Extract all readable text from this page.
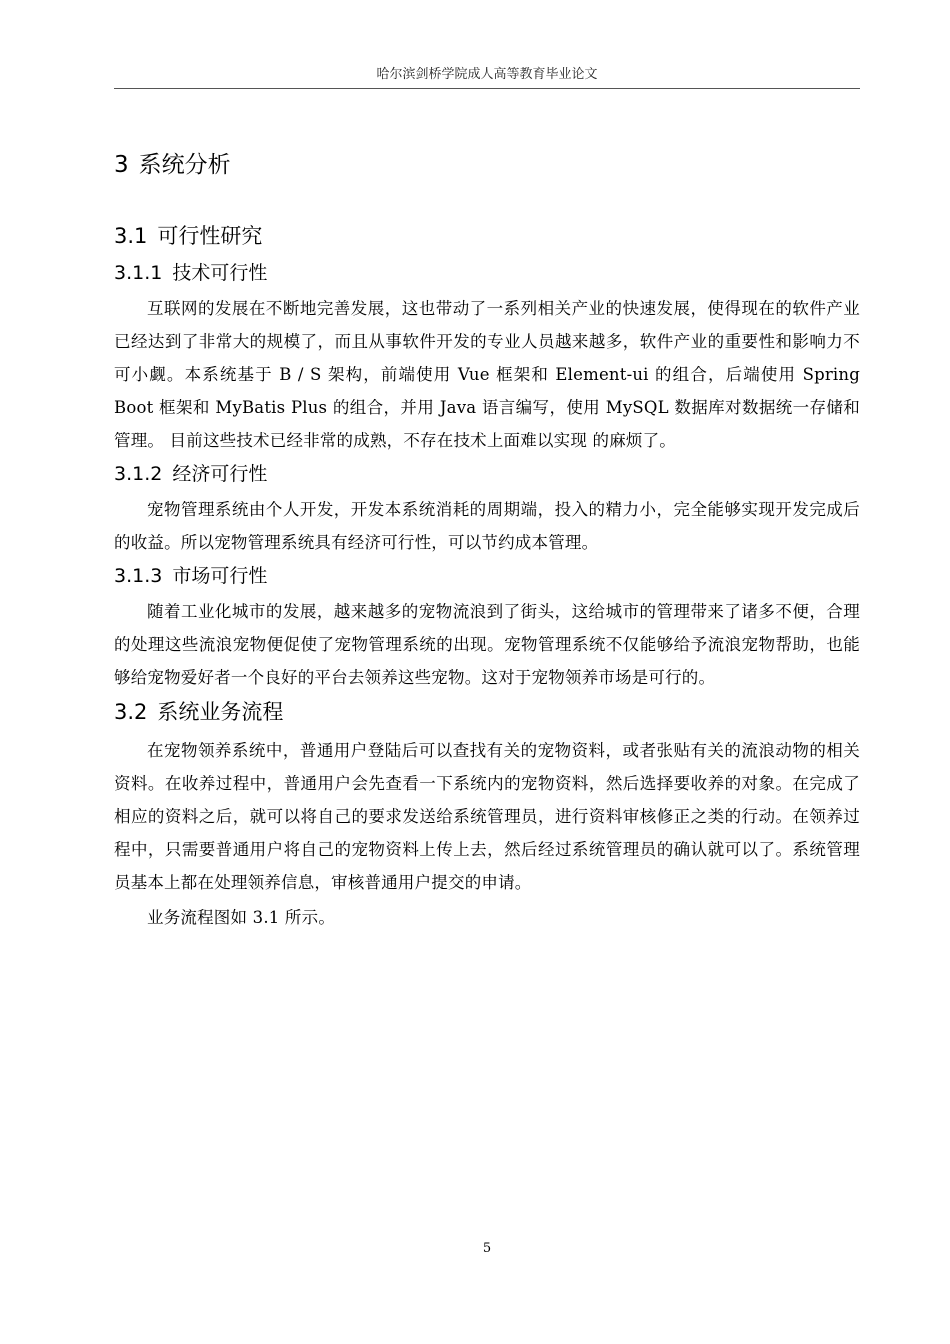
哈尔滨剑桥学院成人高等教育毕业论文
3 系统分析
3.1 可行性研究
3.1.1 技术可行性

互联网的发展在不断地完善发展，这也带动了一系列相关产业的快速发展，使得现在的软件产业已经达到了非常大的规模了，而且从事软件开发的专业人员越来越多，软件产业的重要性和影响力不可小觑。本系统基于 B / S 架构，前端使用 Vue 框架和 Element-ui 的组合，后端使用 Spring Boot 框架和 MyBatis Plus 的组合，并用 Java 语言编写，使用 MySQL 数据库对数据统一存储和管理。 目前这些技术已经非常的成熟，不存在技术上面难以实现 的麻烦了。

3.1.2 经济可行性

宠物管理系统由个人开发，开发本系统消耗的周期端，投入的精力小，完全能够实现开发完成后的收益。所以宠物管理系统具有经济可行性，可以节约成本管理。

3.1.3 市场可行性

随着工业化城市的发展，越来越多的宠物流浪到了街头，这给城市的管理带来了诸多不便，合理的处理这些流浪宠物便促使了宠物管理系统的出现。宠物管理系统不仅能够给予流浪宠物帮助，也能够给宠物爱好者一个良好的平台去领养这些宠物。这对于宠物领养市场是可行的。

3.2 系统业务流程

在宠物领养系统中，普通用户登陆后可以查找有关的宠物资料，或者张贴有关的流浪动物的相关资料。在收养过程中，普通用户会先查看一下系统内的宠物资料，然后选择要收养的对象。在完成了相应的资料之后，就可以将自己的要求发送给系统管理员，进行资料审核修正之类的行动。在领养过程中，只需要普通用户将自己的宠物资料上传上去，然后经过系统管理员的确认就可以了。系统管理员基本上都在处理领养信息，审核普通用户提交的申请。

业务流程图如 3.1 所示。

5
